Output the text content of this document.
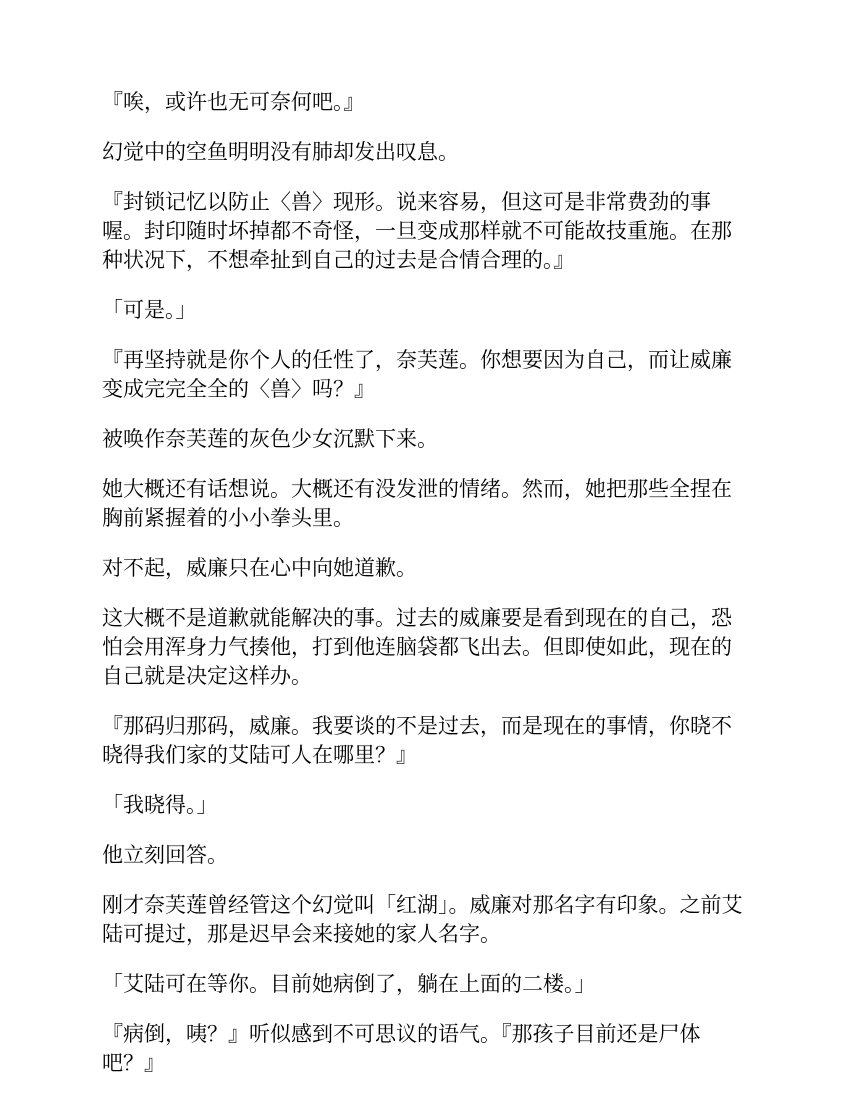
『唉，或许也无可奈何吧。』

幻觉中的空鱼明明没有肺却发出叹息。

『封锁记忆以防止〈兽〉现形。说来容易，但这可是非常费劲的事喔。封印随时坏掉都不奇怪，一旦变成那样就不可能故技重施。在那种状况下，不想牵扯到自己的过去是合情合理的。』

「可是。」

『再坚持就是你个人的任性了，奈芙莲。你想要因为自己，而让威廉变成完完全全的〈兽〉吗？』

被唤作奈芙莲的灰色少女沉默下来。

她大概还有话想说。大概还有没发泄的情绪。然而，她把那些全捏在胸前紧握着的小小拳头里。

对不起，威廉只在心中向她道歉。

这大概不是道歉就能解决的事。过去的威廉要是看到现在的自己，恐怕会用浑身力气揍他，打到他连脑袋都飞出去。但即使如此，现在的自己就是决定这样办。

『那码归那码，威廉。我要谈的不是过去，而是现在的事情，你晓不晓得我们家的艾陆可人在哪里？』

「我晓得。」

他立刻回答。

刚才奈芙莲曾经管这个幻觉叫「红湖」。威廉对那名字有印象。之前艾陆可提过，那是迟早会来接她的家人名字。

「艾陆可在等你。目前她病倒了，躺在上面的二楼。」

『病倒，咦？』听似感到不可思议的语气。『那孩子目前还是尸体吧？』
